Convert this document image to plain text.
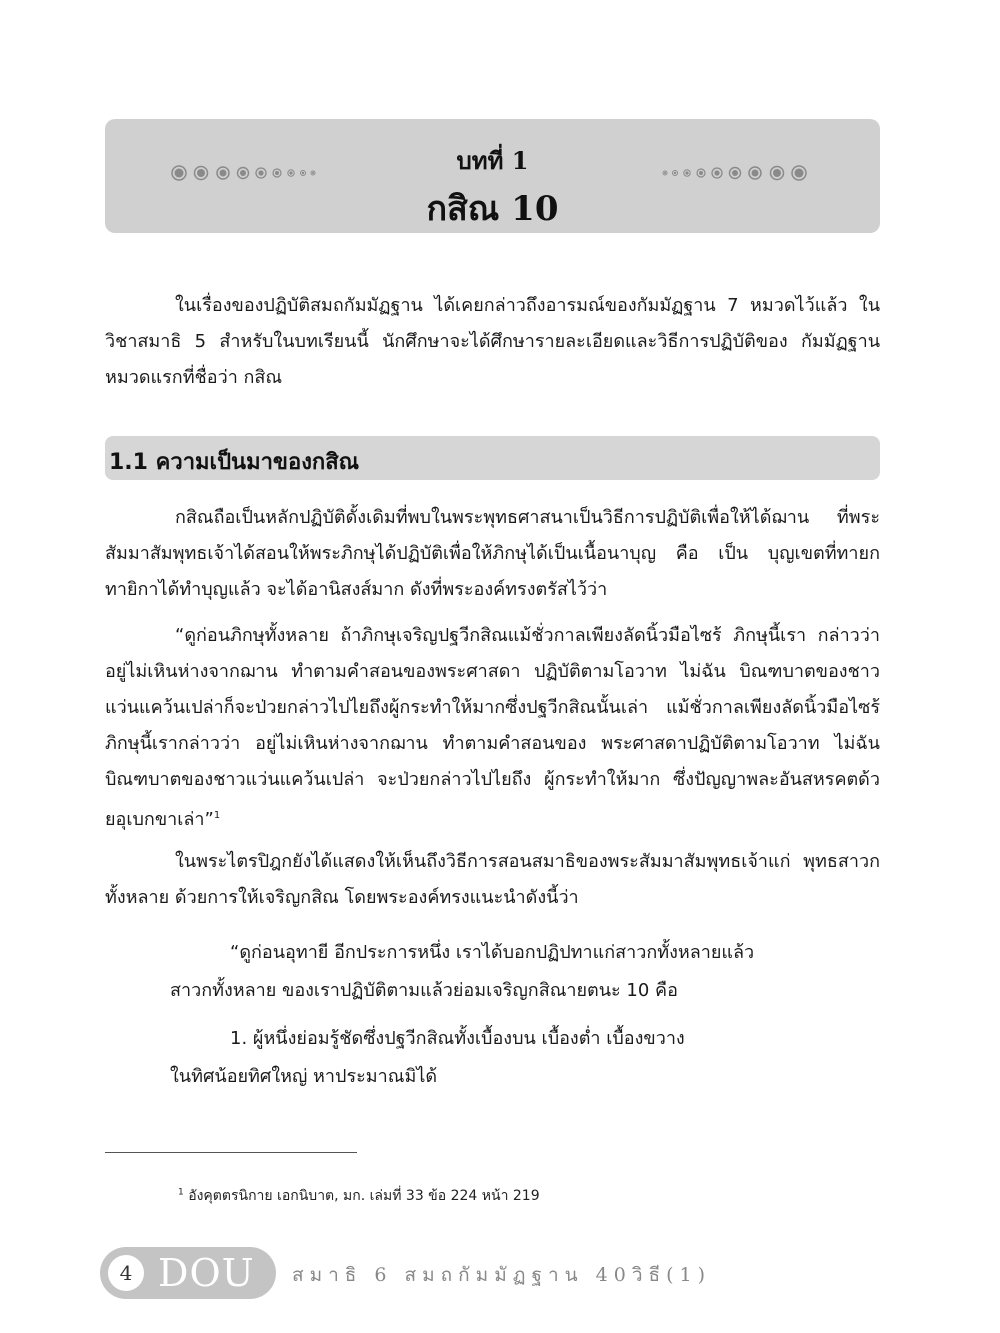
บทที่ 1
กสิณ 10
ในเรื่องของปฏิบัติสมถกัมมัฏฐาน ได้เคยกล่าวถึงอารมณ์ของกัมมัฏฐาน 7 หมวดไว้แล้ว ในวิชาสมาธิ 5 สำหรับในบทเรียนนี้ นักศึกษาจะได้ศึกษารายละเอียดและวิธีการปฏิบัติของ กัมมัฏฐานหมวดแรกที่ชื่อว่า กสิณ
1.1 ความเป็นมาของกสิณ
กสิณถือเป็นหลักปฏิบัติดั้งเดิมที่พบในพระพุทธศาสนาเป็นวิธีการปฏิบัติเพื่อให้ได้ฌาน ที่พระสัมมาสัมพุทธเจ้าได้สอนให้พระภิกษุได้ปฏิบัติเพื่อให้ภิกษุได้เป็นเนื้อนาบุญ คือ เป็น บุญเขตที่ทายกทายิกาได้ทำบุญแล้ว จะได้อานิสงส์มาก ดังที่พระองค์ทรงตรัสไว้ว่า
“ดูก่อนภิกษุทั้งหลาย ถ้าภิกษุเจริญปฐวีกสิณแม้ชั่วกาลเพียงลัดนิ้วมือไซร้ ภิกษุนี้เรา กล่าวว่า อยู่ไม่เหินห่างจากฌาน ทำตามคำสอนของพระศาสดา ปฏิบัติตามโอวาท ไม่ฉัน บิณฑบาตของชาวแว่นแคว้นเปล่าก็จะป่วยกล่าวไปไยถึงผู้กระทำให้มากซึ่งปฐวีกสิณนั้นเล่า แม้ชั่วกาลเพียงลัดนิ้วมือไซร้ภิกษุนี้เรากล่าวว่า อยู่ไม่เหินห่างจากฌาน ทำตามคำสอนของ พระศาสดาปฏิบัติตามโอวาท ไม่ฉันบิณฑบาตของชาวแว่นแคว้นเปล่า จะป่วยกล่าวไปไยถึง ผู้กระทำให้มาก ซึ่งปัญญาพละอันสหรคตด้วยอุเบกขาเล่า”$^1$
ในพระไตรปิฎกยังได้แสดงให้เห็นถึงวิธีการสอนสมาธิของพระสัมมาสัมพุทธเจ้าแก่ พุทธสาวกทั้งหลาย ด้วยการให้เจริญกสิณ โดยพระองค์ทรงแนะนำดังนี้ว่า
“ดูก่อนอุทายี อีกประการหนึ่ง เราได้บอกปฏิปทาแก่สาวกทั้งหลายแล้ว
สาวกทั้งหลาย ของเราปฏิบัติตามแล้วย่อมเจริญกสิณายตนะ 10 คือ
1. ผู้หนึ่งย่อมรู้ชัดซึ่งปฐวีกสิณทั้งเบื้องบน เบื้องต่ำ เบื้องขวาง
ในทิศน้อยทิศใหญ่ หาประมาณมิได้
$^1$ อังคุตตรนิกาย เอกนิบาต, มก. เล่มที่ 33 ข้อ 224 หน้า 219
4 DOU สมาธิ 6 สมถกัมมัฏฐาน 40วิธี(1)
